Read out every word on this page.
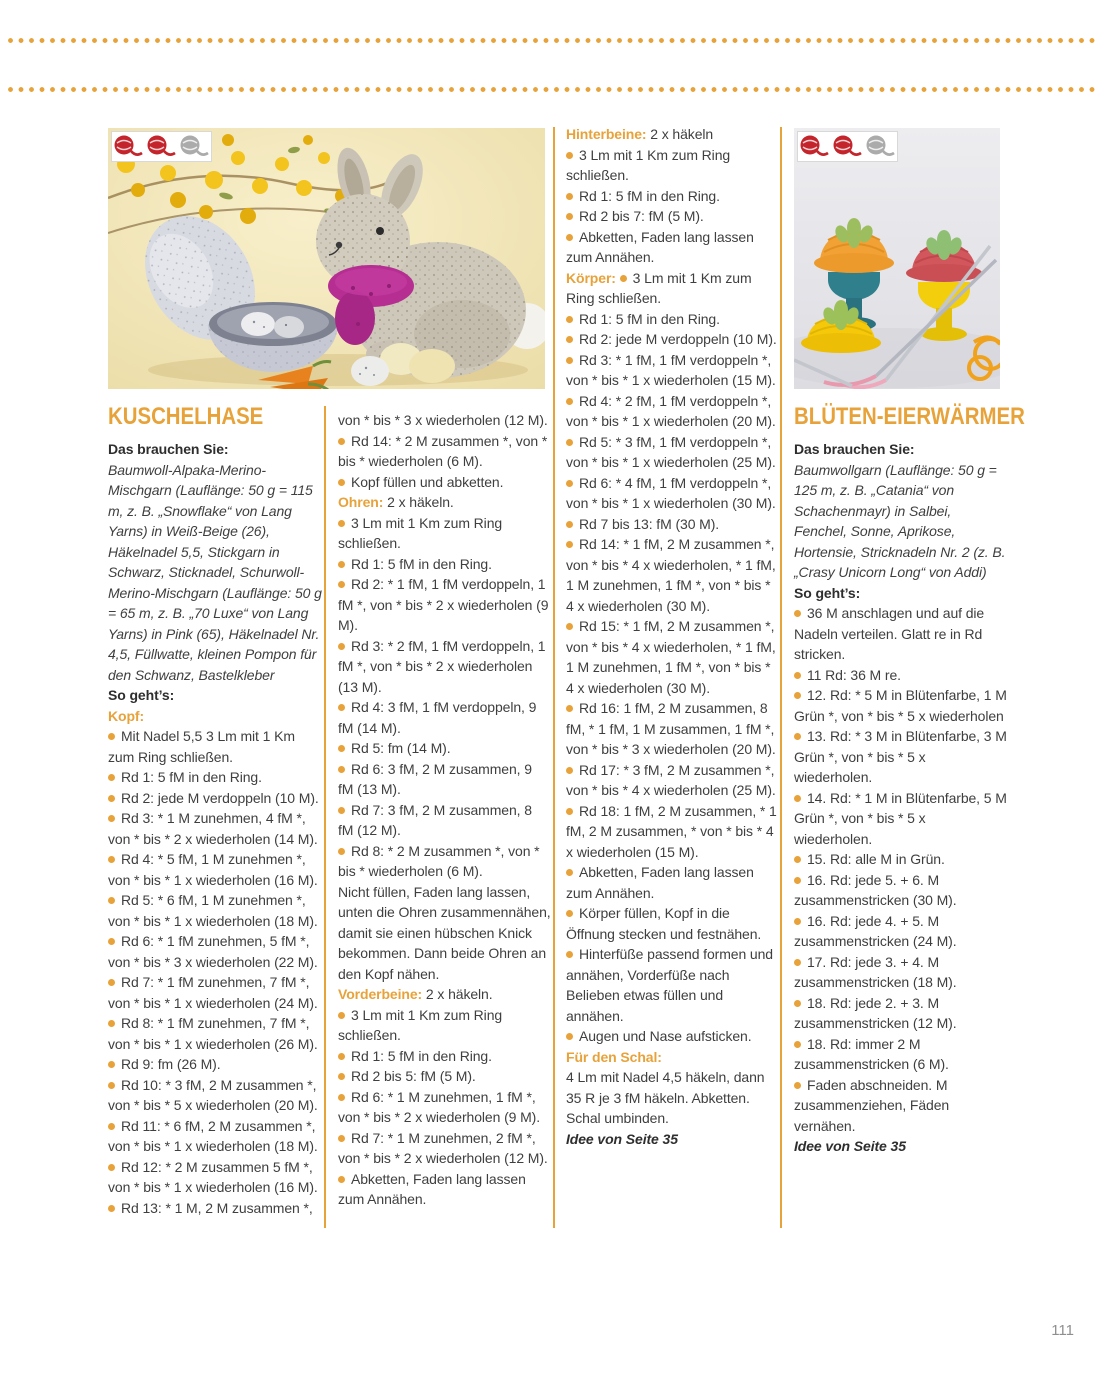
KUSCHELHASE

Das brauchen Sie:

Baumwoll-Alpaka-Merino-Mischgarn (Lauflänge: 50 g = 115 m, z. B. „Snowflake“ von Lang Yarns) in Weiß-Beige (26), Häkelnadel 5,5, Stickgarn in Schwarz, Sticknadel, Schurwoll-Merino-Mischgarn (Lauflänge: 50 g = 65 m, z. B. „70 Luxe“ von Lang Yarns) in Pink (65), Häkelnadel Nr. 4,5, Füllwatte, kleinen Pompon für den Schwanz, Bastelkleber

So geht’s:

Kopf:

Mit Nadel 5,5 3 Lm mit 1 Km zum Ring schließen.

Rd 1: 5 fM in den Ring.

Rd 2: jede M verdoppeln (10 M).

Rd 3: * 1 M zunehmen, 4 fM *, von * bis * 2 x wiederholen (14 M).

Rd 4: * 5 fM, 1 M zunehmen *, von * bis * 1 x wiederholen (16 M).

Rd 5: * 6 fM, 1 M zunehmen *, von * bis * 1 x wiederholen (18 M).

Rd 6: * 1 fM zunehmen, 5 fM *, von * bis * 3 x wiederholen (22 M).

Rd 7: * 1 fM zunehmen, 7 fM *, von * bis * 1 x wiederholen (24 M).

Rd 8: * 1 fM zunehmen, 7 fM *, von * bis * 1 x wiederholen (26 M).

Rd 9: fm (26 M).

Rd 10: * 3 fM, 2 M zusammen *, von * bis * 5 x wiederholen (20 M).

Rd 11: * 6 fM, 2 M zusammen *, von * bis * 1 x wiederholen (18 M).

Rd 12: * 2 M zusammen 5 fM *, von * bis * 1 x wiederholen (16 M).

Rd 13: * 1 M, 2 M zusammen *,

von * bis * 3 x wiederholen (12 M).

Rd 14: * 2 M zusammen *, von * bis * wiederholen (6 M).

Kopf füllen und abketten.

Ohren: 2 x häkeln.

3 Lm mit 1 Km zum Ring schließen.

Rd 1: 5 fM in den Ring.

Rd 2: * 1 fM, 1 fM verdoppeln, 1 fM *, von * bis * 2 x wiederholen (9 M).

Rd 3: * 2 fM, 1 fM verdoppeln, 1 fM *, von * bis * 2 x wiederholen (13 M).

Rd 4: 3 fM, 1 fM verdoppeln, 9 fM (14 M).

Rd 5: fm (14 M).

Rd 6: 3 fM, 2 M zusammen, 9 fM (13 M).

Rd 7: 3 fM, 2 M zusammen, 8 fM (12 M).

Rd 8: * 2 M zusammen *, von * bis * wiederholen (6 M).

Nicht füllen, Faden lang lassen, unten die Ohren zusammennähen, damit sie einen hübschen Knick bekommen. Dann beide Ohren an den Kopf nähen.

Vorderbeine: 2 x häkeln.

3 Lm mit 1 Km zum Ring schließen.

Rd 1: 5 fM in den Ring.

Rd 2 bis 5: fM (5 M).

Rd 6: * 1 M zunehmen, 1 fM *, von * bis * 2 x wiederholen (9 M).

Rd 7: * 1 M zunehmen, 2 fM *, von * bis * 2 x wiederholen (12 M).

Abketten, Faden lang lassen zum Annähen.

Hinterbeine: 2 x häkeln

3 Lm mit 1 Km zum Ring schließen.

Rd 1: 5 fM in den Ring.

Rd 2 bis 7: fM (5 M).

Abketten, Faden lang lassen zum Annähen.

Körper: 3 Lm mit 1 Km zum Ring schließen.

Rd 1: 5 fM in den Ring.

Rd 2: jede M verdoppeln (10 M).

Rd 3: * 1 fM, 1 fM verdoppeln *, von * bis * 1 x wiederholen (15 M).

Rd 4: * 2 fM, 1 fM verdoppeln *, von * bis * 1 x wiederholen (20 M).

Rd 5: * 3 fM, 1 fM verdoppeln *, von * bis * 1 x wiederholen (25 M).

Rd 6: * 4 fM, 1 fM verdoppeln *, von * bis * 1 x wiederholen (30 M).

Rd 7 bis 13: fM (30 M).

Rd 14: * 1 fM, 2 M zusammen *, von * bis * 4 x wiederholen, * 1 fM, 1 M zunehmen, 1 fM *, von * bis * 4 x wiederholen (30 M).

Rd 15: * 1 fM, 2 M zusammen *, von * bis * 4 x wiederholen, * 1 fM, 1 M zunehmen, 1 fM *, von * bis * 4 x wiederholen (30 M).

Rd 16: 1 fM, 2 M zusammen, 8 fM, * 1 fM, 1 M zusammen, 1 fM *, von * bis * 3 x wiederholen (20 M).

Rd 17: * 3 fM, 2 M zusammen *, von * bis * 4 x wiederholen (25 M).

Rd 18: 1 fM, 2 M zusammen, * 1 fM, 2 M zusammen, * von * bis * 4 x wiederholen (15 M).

Abketten, Faden lang lassen zum Annähen.

Körper füllen, Kopf in die Öffnung stecken und festnähen.

Hinterfüße passend formen und annähen, Vorderfüße nach Belieben etwas füllen und annähen.

Augen und Nase aufsticken.

Für den Schal:

4 Lm mit Nadel 4,5 häkeln, dann 35 R je 3 fM häkeln. Abketten. Schal umbinden.

Idee von Seite 35

BLÜTEN-EIERWÄRMER

Das brauchen Sie:

Baumwollgarn (Lauflänge: 50 g = 125 m, z. B. „Catania“ von Schachenmayr) in Salbei, Fenchel, Sonne, Aprikose, Hortensie, Stricknadeln Nr. 2 (z. B. „Crasy Unicorn Long“ von Addi)

So geht’s:

36 M anschlagen und auf die Nadeln verteilen. Glatt re in Rd stricken.

11 Rd: 36 M re.

12. Rd: * 5 M in Blütenfarbe, 1 M Grün *, von * bis * 5 x wiederholen

13. Rd: * 3 M in Blütenfarbe, 3 M Grün *, von * bis * 5 x wiederholen.

14. Rd: * 1 M in Blütenfarbe, 5 M Grün *, von * bis * 5 x wiederholen.

15. Rd: alle M in Grün.

16. Rd: jede 5. + 6. M zusammenstricken (30 M).

16. Rd: jede 4. + 5. M zusammenstricken (24 M).

17. Rd: jede 3. + 4. M zusammenstricken (18 M).

18. Rd: jede 2. + 3. M zusammenstricken (12 M).

18. Rd: immer 2 M zusammenstricken (6 M).

Faden abschneiden. M zusammenziehen, Fäden vernähen.

Idee von Seite 35

111
